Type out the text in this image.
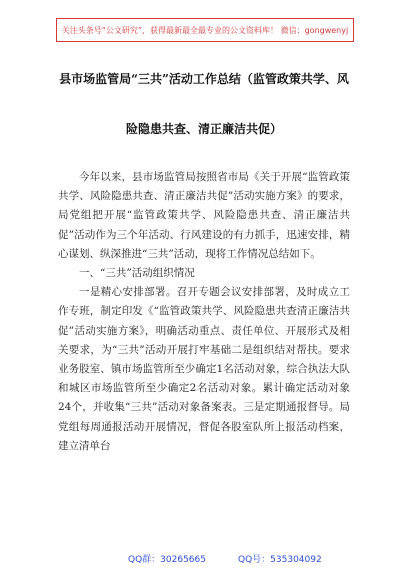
关注头条号“公文研究”，获得最新最全最专业的公文资料库！ 微信：gongwenyj
县市场监管局“三共”活动工作总结（监管政策共学、风
险隐患共查、清正廉洁共促）

今年以来，县市场监管局按照省市局《关于开展“监管政策共学、风险隐患共查、清正廉洁共促”活动实施方案》的要求，局党组把开展“监管政策共学、风险隐患共查、清正廉洁共促”活动作为三个年活动、行风建设的有力抓手，迅速安排，精心谋划、纵深推进“三共”活动，现将工作情况总结如下。

一、“三共”活动组织情况

一是精心安排部署。召开专题会议安排部署，及时成立工作专班，制定印发《“监管政策共学、风险隐患共查清正廉洁共促”活动实施方案》，明确活动重点、责任单位、开展形式及相关要求，为“三共”活动开展打牢基础二是组织结对帮扶。要求业务股室、镇市场监管所至少确定1名活动对象，综合执法大队和城区市场监管所至少确定2名活动对象。累计确定活动对象24个，并收集“三共”活动对象备案表。三是定期通报督导。局党组每周通报活动开展情况，督促各股室队所上报活动档案，建立清单台

QQ群：30265665	QQ号：535304092
